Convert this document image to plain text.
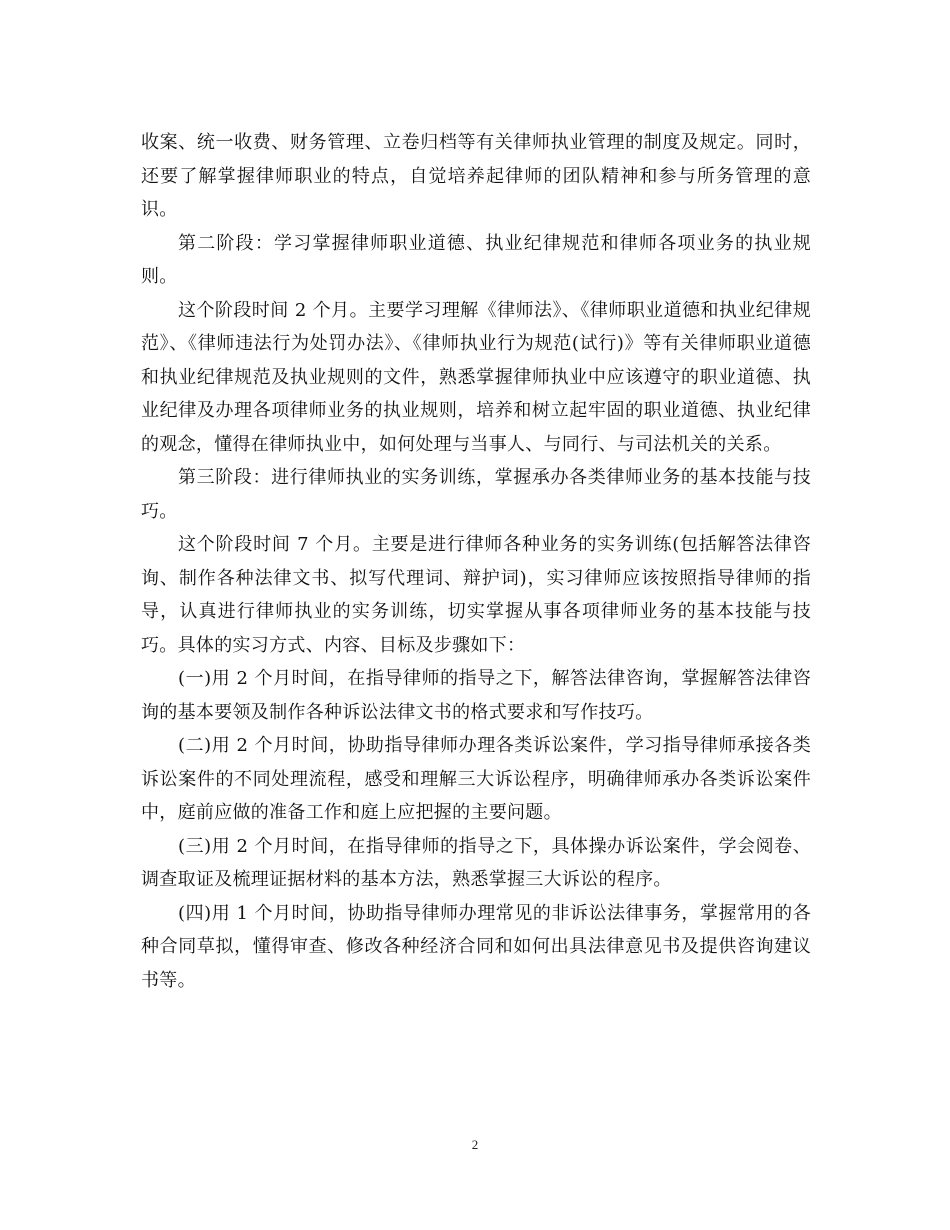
收案、统一收费、财务管理、立卷归档等有关律师执业管理的制度及规定。同时，还要了解掌握律师职业的特点，自觉培养起律师的团队精神和参与所务管理的意识。

第二阶段：学习掌握律师职业道德、执业纪律规范和律师各项业务的执业规则。

这个阶段时间 2 个月。主要学习理解《律师法》、《律师职业道德和执业纪律规范》、《律师违法行为处罚办法》、《律师执业行为规范(试行)》等有关律师职业道德和执业纪律规范及执业规则的文件，熟悉掌握律师执业中应该遵守的职业道德、执业纪律及办理各项律师业务的执业规则，培养和树立起牢固的职业道德、执业纪律的观念，懂得在律师执业中，如何处理与当事人、与同行、与司法机关的关系。

第三阶段：进行律师执业的实务训练，掌握承办各类律师业务的基本技能与技巧。

这个阶段时间 7 个月。主要是进行律师各种业务的实务训练(包括解答法律咨询、制作各种法律文书、拟写代理词、辩护词)，实习律师应该按照指导律师的指导，认真进行律师执业的实务训练，切实掌握从事各项律师业务的基本技能与技巧。具体的实习方式、内容、目标及步骤如下：

(一)用 2 个月时间，在指导律师的指导之下，解答法律咨询，掌握解答法律咨询的基本要领及制作各种诉讼法律文书的格式要求和写作技巧。

(二)用 2 个月时间，协助指导律师办理各类诉讼案件，学习指导律师承接各类诉讼案件的不同处理流程，感受和理解三大诉讼程序，明确律师承办各类诉讼案件中，庭前应做的准备工作和庭上应把握的主要问题。

(三)用 2 个月时间，在指导律师的指导之下，具体操办诉讼案件，学会阅卷、调查取证及梳理证据材料的基本方法，熟悉掌握三大诉讼的程序。

(四)用 1 个月时间，协助指导律师办理常见的非诉讼法律事务，掌握常用的各种合同草拟，懂得审查、修改各种经济合同和如何出具法律意见书及提供咨询建议书等。

2
